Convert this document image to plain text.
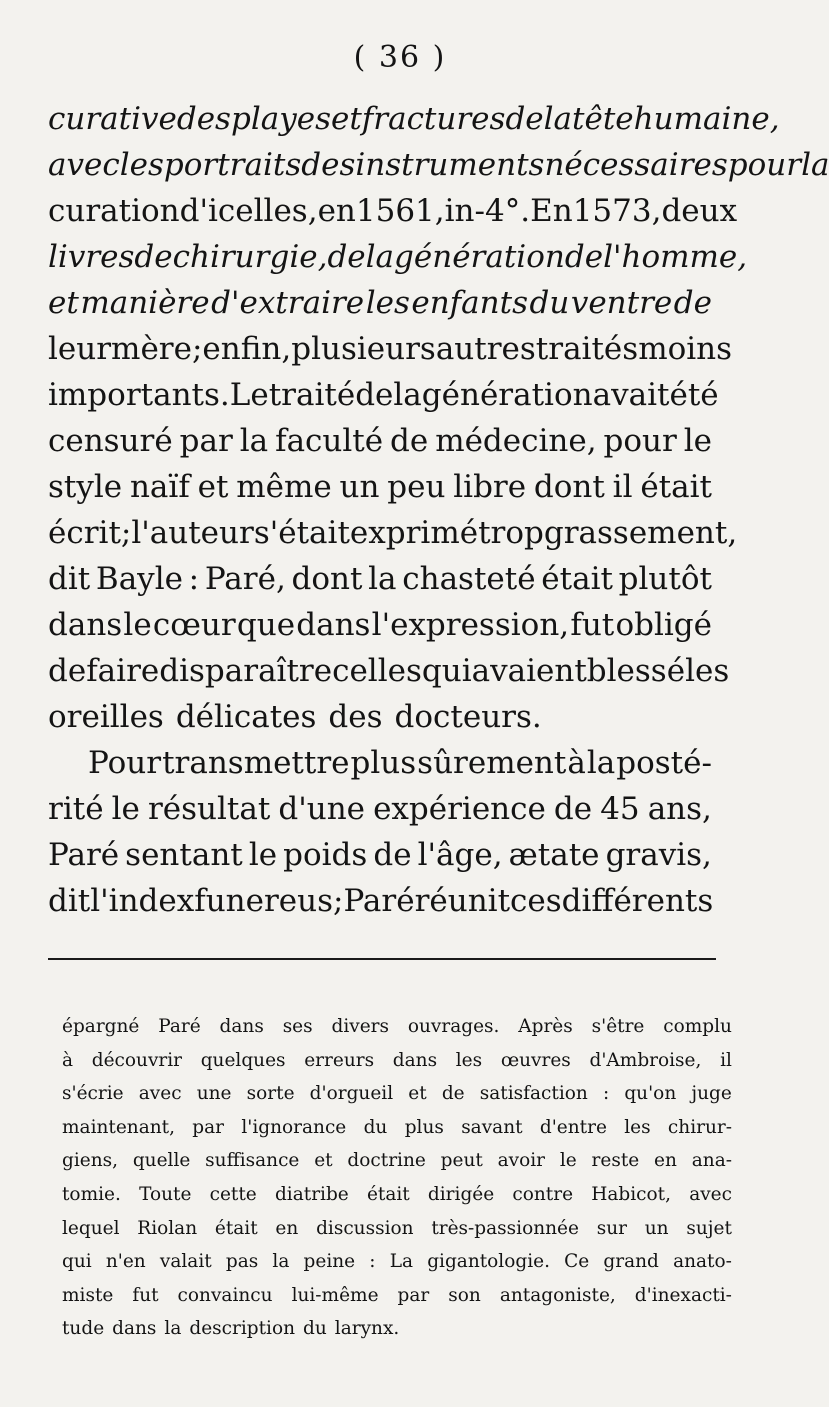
( 36 )
curative des playes et fractures de la tête humaine,
avec les portraits des instruments nécessaires pour la
curation d'icelles, en 1561, in-4°. En 1573, deux
livres de chirurgie, de la génération de l'homme,
et manière d'extraire les enfants du ventre de
leur mère; enfin, plusieurs autres traités moins
importants. Le traité de la génération avait été
censuré par la faculté de médecine, pour le
style naïf et même un peu libre dont il était
écrit; l'auteur s'était exprimé trop grassement,
dit Bayle : Paré, dont la chasteté était plutôt
dans le cœur que dans l'expression, fut obligé
de faire disparaître celles qui avaient blessé les
oreilles délicates des docteurs.
Pour transmettre plus sûrement à la posté-
rité le résultat d'une expérience de 45 ans,
Paré sentant le poids de l'âge, ætate gravis,
dit l'index funereus; Paré réunit ces différents
épargné Paré dans ses divers ouvrages. Après s'être complu
à découvrir quelques erreurs dans les œuvres d'Ambroise, il
s'écrie avec une sorte d'orgueil et de satisfaction : qu'on juge
maintenant, par l'ignorance du plus savant d'entre les chirur-
giens, quelle suffisance et doctrine peut avoir le reste en ana-
tomie. Toute cette diatribe était dirigée contre Habicot, avec
lequel Riolan était en discussion très-passionnée sur un sujet
qui n'en valait pas la peine : La gigantologie. Ce grand anato-
miste fut convaincu lui-même par son antagoniste, d'inexacti-
tude dans la description du larynx.
